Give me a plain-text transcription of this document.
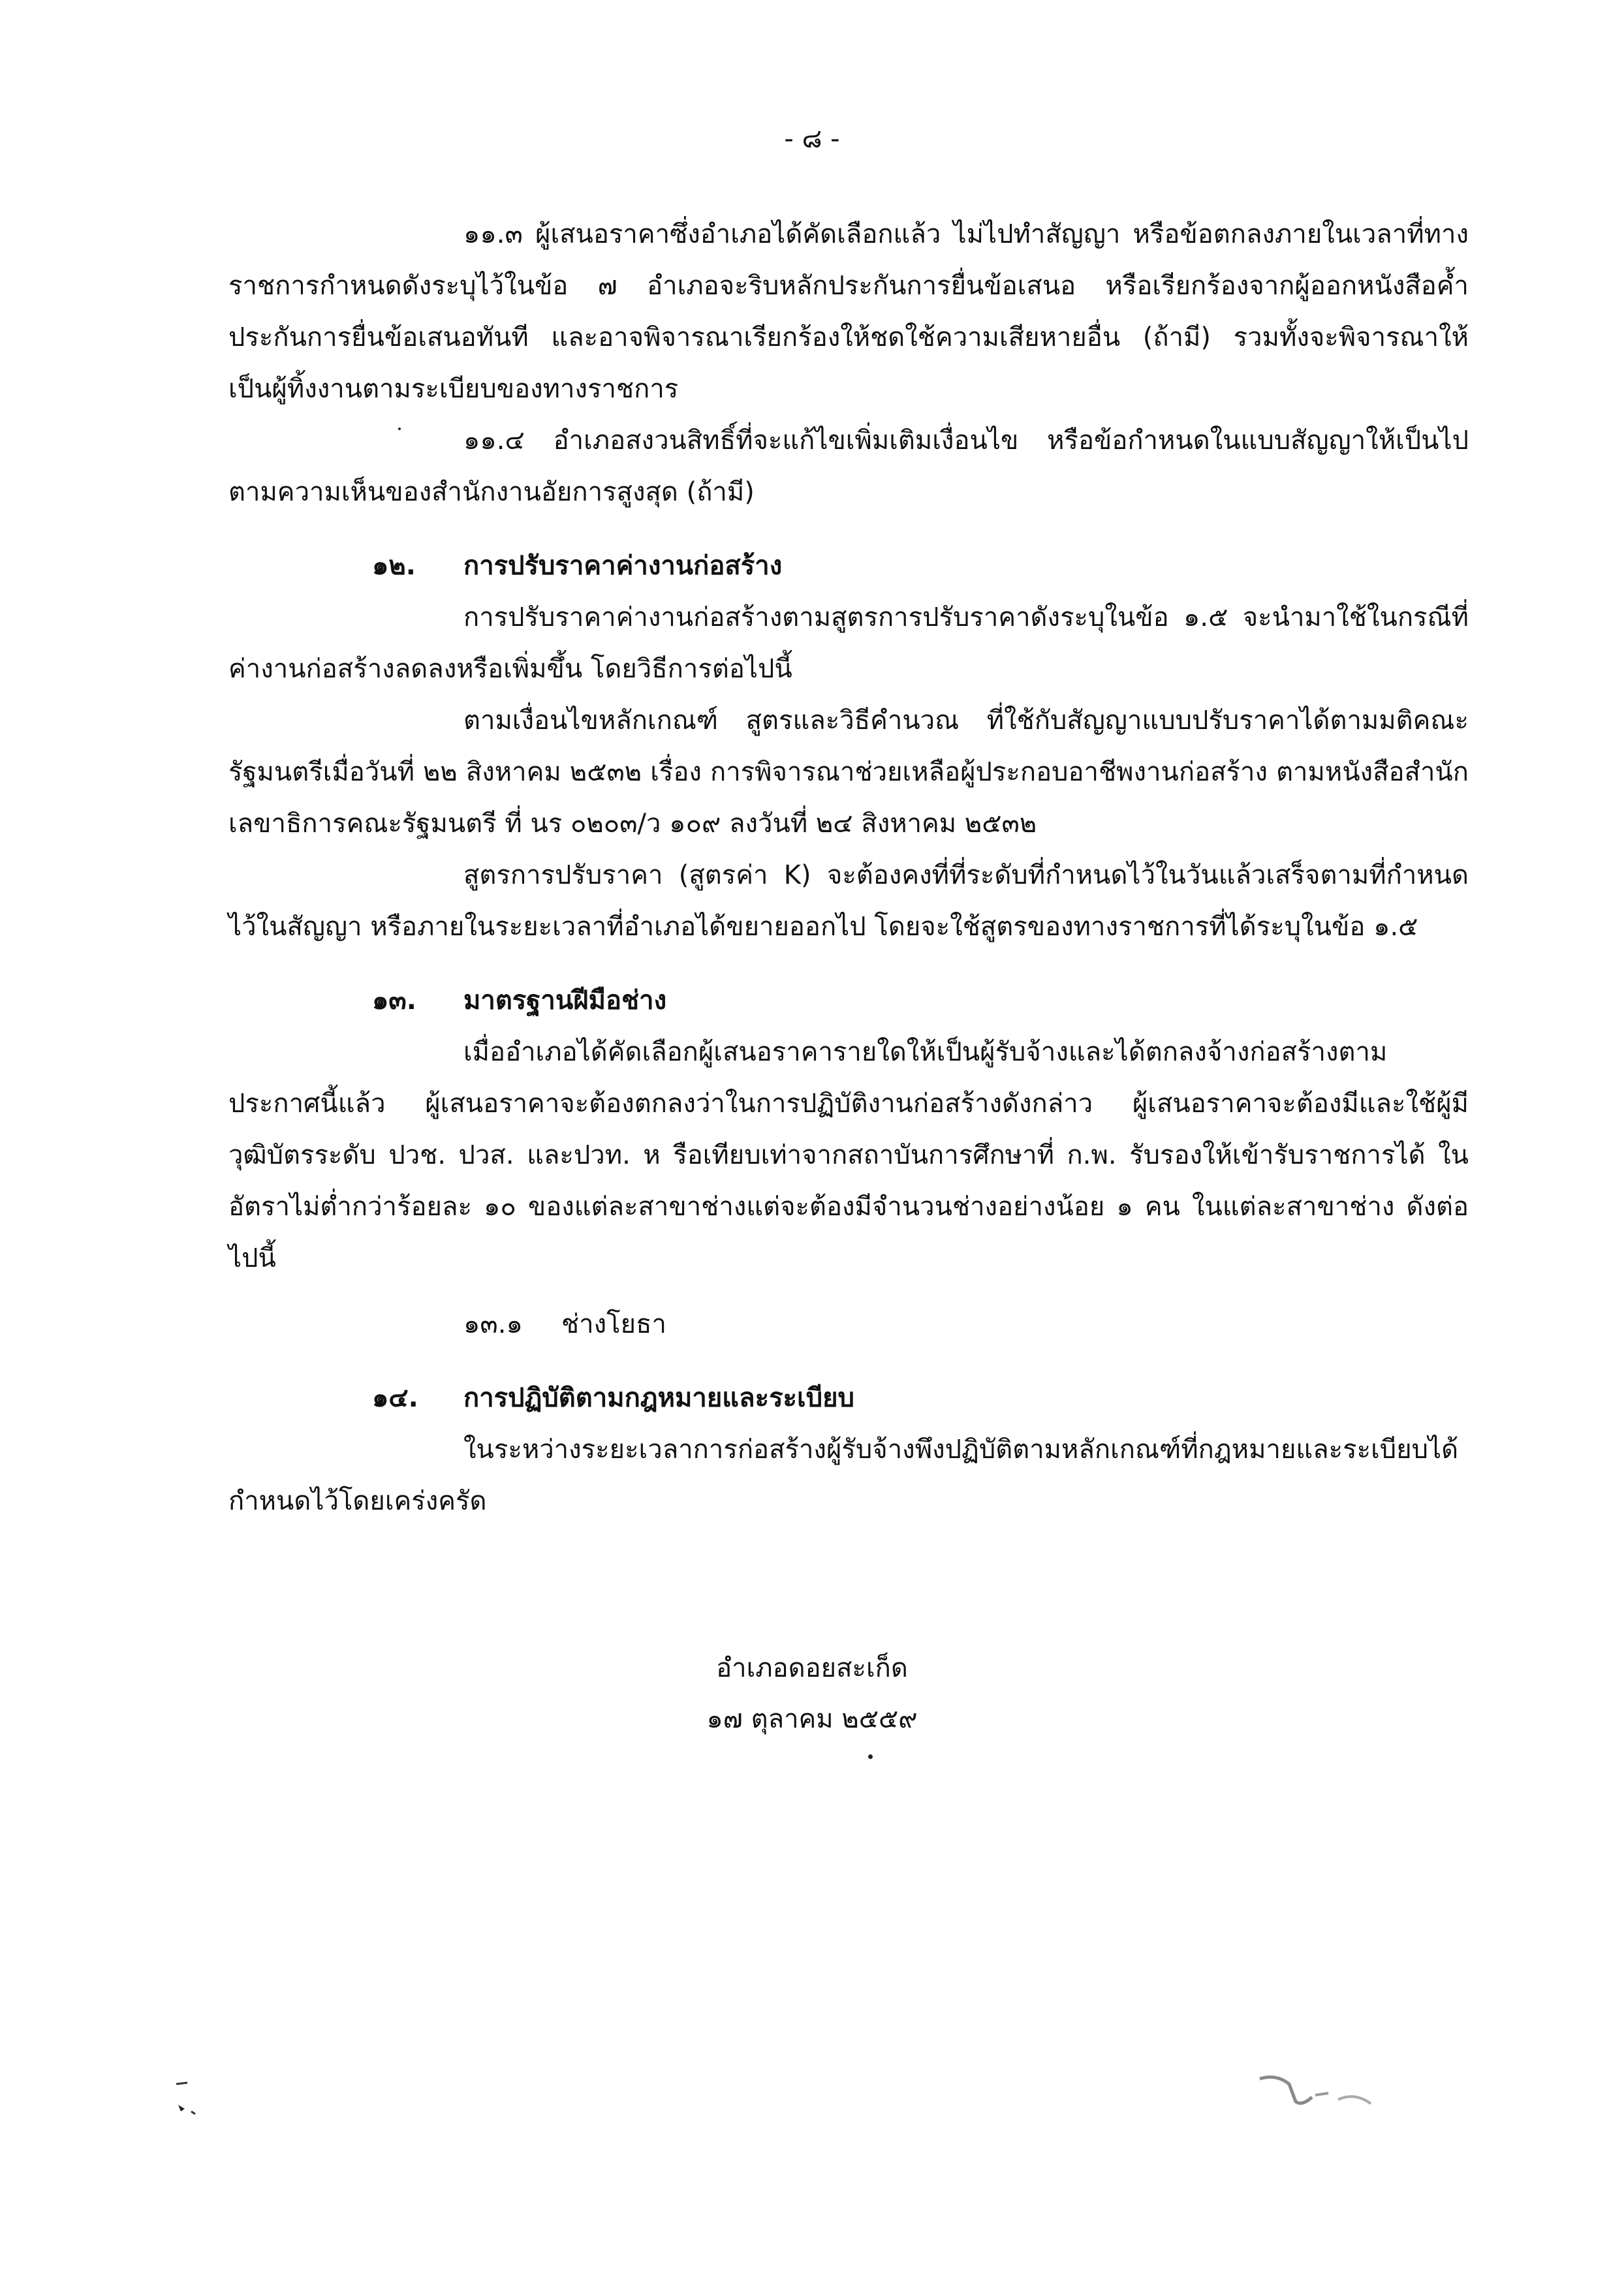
- ๘ -

๑๑.๓ ผู้เสนอราคาซึ่งอำเภอได้คัดเลือกแล้ว ไม่ไปทำสัญญา หรือข้อตกลงภายในเวลาที่ทางราชการกำหนดดังระบุไว้ในข้อ ๗ อำเภอจะริบหลักประกันการยื่นข้อเสนอ หรือเรียกร้องจากผู้ออกหนังสือค้ำประกันการยื่นข้อเสนอทันที และอาจพิจารณาเรียกร้องให้ชดใช้ความเสียหายอื่น (ถ้ามี) รวมทั้งจะพิจารณาให้เป็นผู้ทิ้งงานตามระเบียบของทางราชการ

๑๑.๔ อำเภอสงวนสิทธิ์ที่จะแก้ไขเพิ่มเติมเงื่อนไข หรือข้อกำหนดในแบบสัญญาให้เป็นไปตามความเห็นของสำนักงานอัยการสูงสุด (ถ้ามี)

๑๒. การปรับราคาค่างานก่อสร้าง

การปรับราคาค่างานก่อสร้างตามสูตรการปรับราคาดังระบุในข้อ ๑.๕ จะนำมาใช้ในกรณีที่ค่างานก่อสร้างลดลงหรือเพิ่มขึ้น โดยวิธีการต่อไปนี้

ตามเงื่อนไขหลักเกณฑ์ สูตรและวิธีคำนวณ ที่ใช้กับสัญญาแบบปรับราคาได้ตามมติคณะรัฐมนตรีเมื่อวันที่ ๒๒ สิงหาคม ๒๕๓๒ เรื่อง การพิจารณาช่วยเหลือผู้ประกอบอาชีพงานก่อสร้าง ตามหนังสือสำนักเลขาธิการคณะรัฐมนตรี ที่ นร ๐๒๐๓/ว ๑๐๙ ลงวันที่ ๒๔ สิงหาคม ๒๕๓๒

สูตรการปรับราคา (สูตรค่า K) จะต้องคงที่ที่ระดับที่กำหนดไว้ในวันแล้วเสร็จตามที่กำหนดไว้ในสัญญา หรือภายในระยะเวลาที่อำเภอได้ขยายออกไป โดยจะใช้สูตรของทางราชการที่ได้ระบุในข้อ ๑.๕

๑๓. มาตรฐานฝีมือช่าง

เมื่ออำเภอได้คัดเลือกผู้เสนอราคารายใดให้เป็นผู้รับจ้างและได้ตกลงจ้างก่อสร้างตามประกาศนี้แล้ว ผู้เสนอราคาจะต้องตกลงว่าในการปฏิบัติงานก่อสร้างดังกล่าว ผู้เสนอราคาจะต้องมีและใช้ผู้มีวุฒิบัตรระดับ ปวช. ปวส. และปวท. ห รือเทียบเท่าจากสถาบันการศึกษาที่ ก.พ. รับรองให้เข้ารับราชการได้ ในอัตราไม่ต่ำกว่าร้อยละ ๑๐ ของแต่ละสาขาช่างแต่จะต้องมีจำนวนช่างอย่างน้อย ๑ คน ในแต่ละสาขาช่าง ดังต่อไปนี้

๑๓.๑ ช่างโยธา
๑๔. การปฏิบัติตามกฎหมายและระเบียบ

ในระหว่างระยะเวลาการก่อสร้างผู้รับจ้างพึงปฏิบัติตามหลักเกณฑ์ที่กฎหมายและระเบียบได้กำหนดไว้โดยเคร่งครัด

อำเภอดอยสะเก็ด
๑๗ ตุลาคม ๒๕๕๙
